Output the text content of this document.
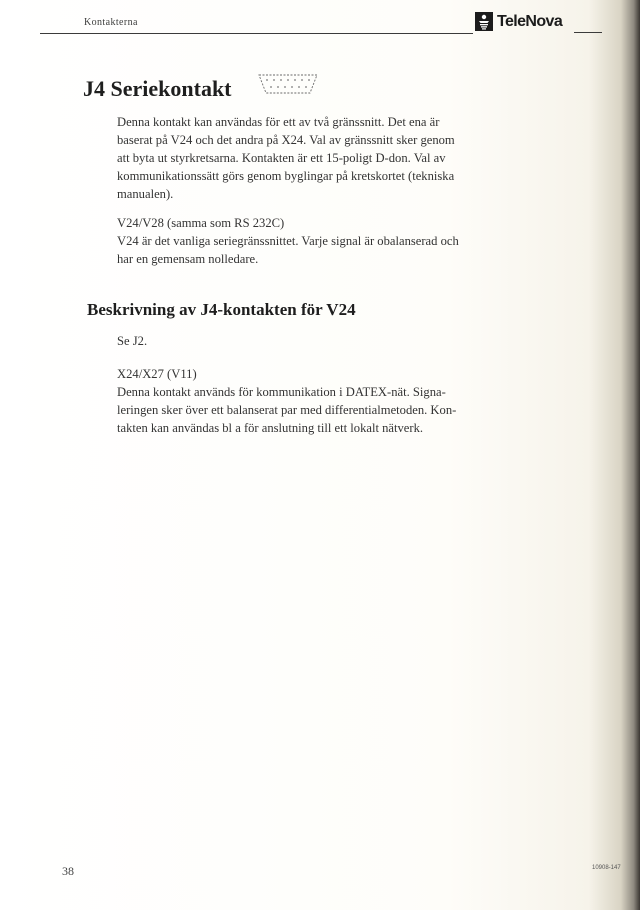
Kontakterna	TeleNova
J4 Seriekontakt

Denna kontakt kan användas för ett av två gränssnitt. Det ena är
baserat på V24 och det andra på X24. Val av gränssnitt sker genom
att byta ut styrkretsarna. Kontakten är ett 15-poligt D-don. Val av
kommunikationssätt görs genom byglingar på kretskortet (tekniska
manualen).

V24/V28 (samma som RS 232C)
V24 är det vanliga seriegränssnittet. Varje signal är obalanserad och
har en gemensam nolledare.

Beskrivning av J4-kontakten för V24

Se J2.

X24/X27 (V11)
Denna kontakt används för kommunikation i DATEX-nät. Signa-
leringen sker över ett balanserat par med differentialmetoden. Kon-
takten kan användas bl a för anslutning till ett lokalt nätverk.

38	10908-147
